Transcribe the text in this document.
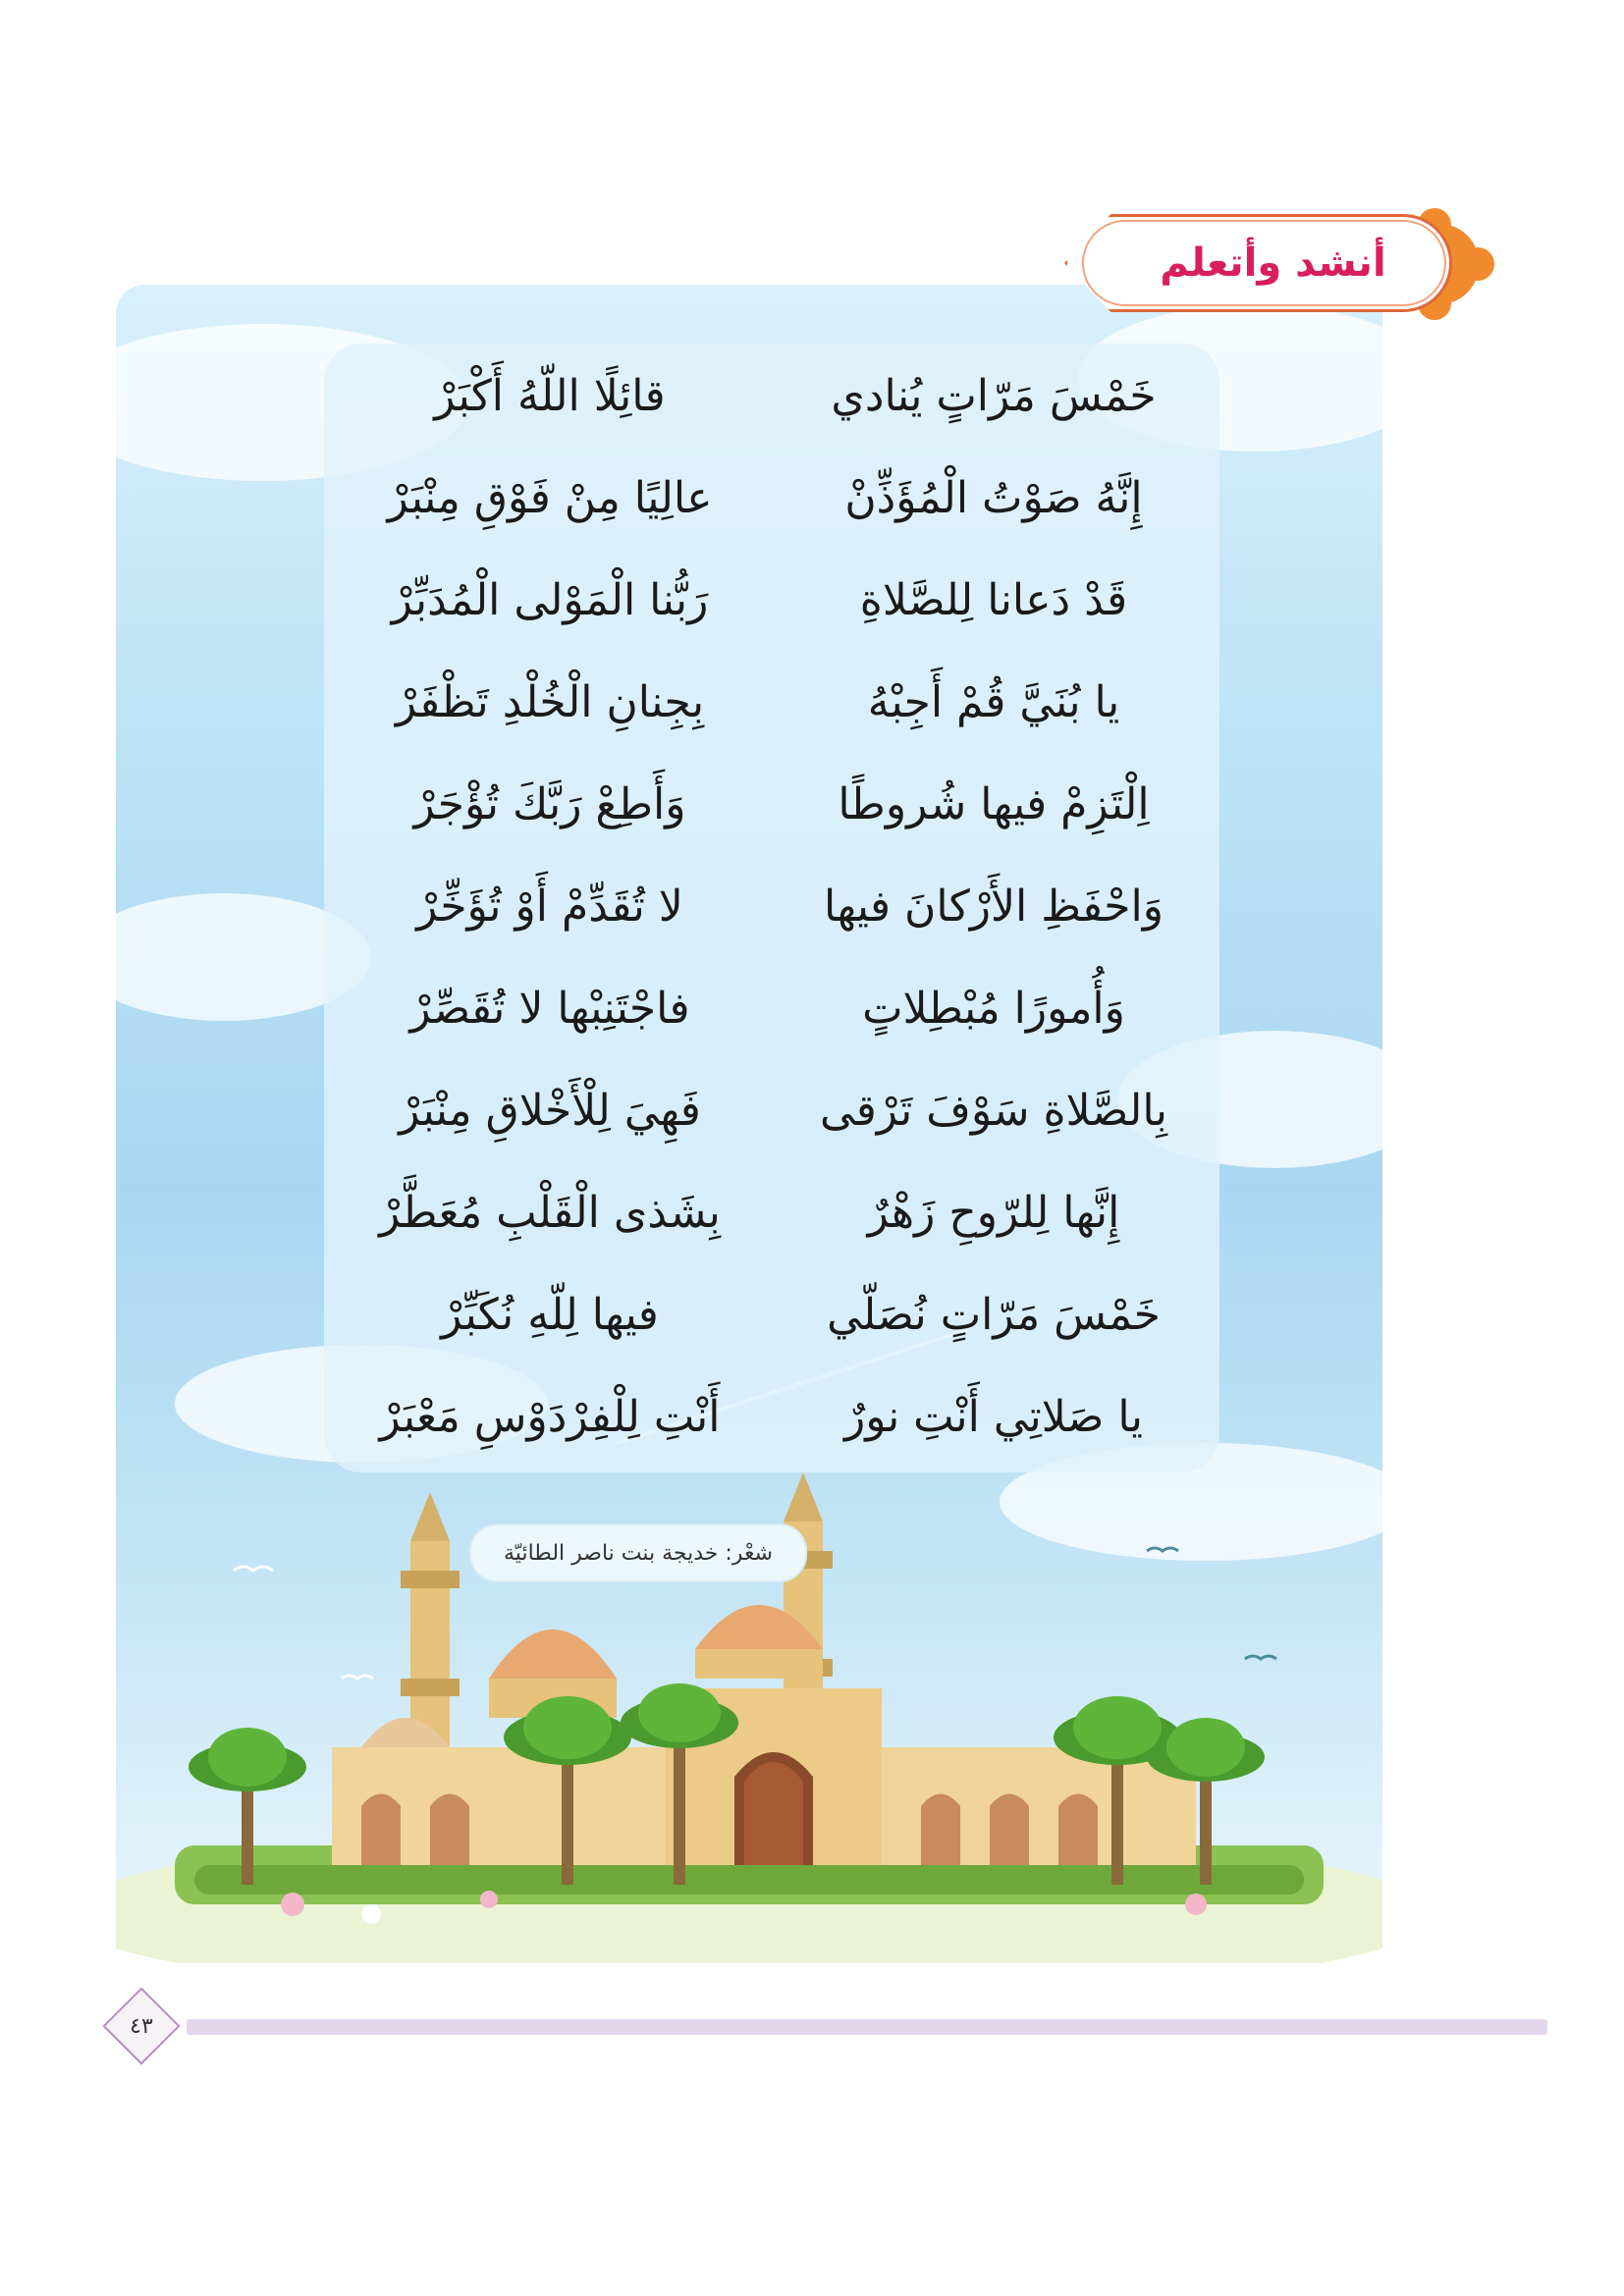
أنشد وأتعلم
خَمْسَ مَرّاتٍ يُنادي
قائِلًا اللّهُ أَكْبَرْ
إِنَّهُ صَوْتُ الْمُؤَذِّنْ
عالِيًا مِنْ فَوْقِ مِنْبَرْ
قَدْ دَعانا لِلصَّلاةِ
رَبُّنا الْمَوْلى الْمُدَبِّرْ
يا بُنَيَّ قُمْ أَجِبْهُ
بِجِنانِ الْخُلْدِ تَظْفَرْ
اِلْتَزِمْ فيها شُروطًا
وَأَطِعْ رَبَّكَ تُؤْجَرْ
وَاحْفَظِ الأَرْكانَ فيها
لا تُقَدِّمْ أَوْ تُؤَخِّرْ
وَأُمورًا مُبْطِلاتٍ
فاجْتَنِبْها لا تُقَصِّرْ
بِالصَّلاةِ سَوْفَ تَرْقى
فَهِيَ لِلْأَخْلاقِ مِنْبَرْ
إِنَّها لِلرّوحِ زَهْرٌ
بِشَذى الْقَلْبِ مُعَطَّرْ
خَمْسَ مَرّاتٍ نُصَلّي
فيها لِلّهِ نُكَبِّرْ
يا صَلاتِي أَنْتِ نورٌ
أَنْتِ لِلْفِرْدَوْسِ مَعْبَرْ
شعْر: خديجة بنت ناصر الطائيّة
٤٣
